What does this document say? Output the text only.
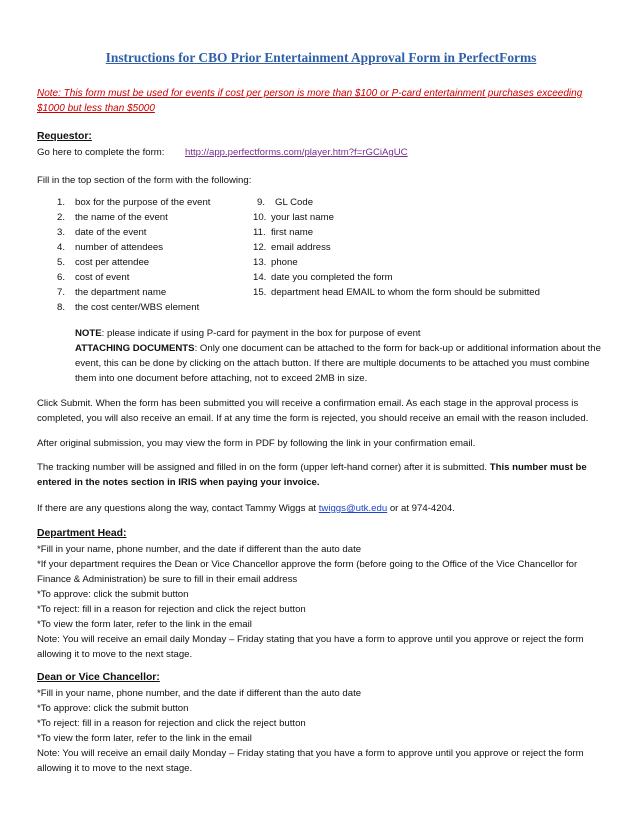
Instructions for CBO Prior Entertainment Approval Form in PerfectForms
Note: This form must be used for events if cost per person is more than $100 or P-card entertainment purchases exceeding $1000 but less than $5000
Requestor:
Go here to complete the form: http://app.perfectforms.com/player.htm?f=rGCiAgUC
Fill in the top section of the form with the following:
1. box for the purpose of the event
2. the name of the event
3. date of the event
4. number of attendees
5. cost per attendee
6. cost of event
7. the department name
8. the cost center/WBS element
9. GL Code
10. your last name
11. first name
12. email address
13. phone
14. date you completed the form
15. department head EMAIL to whom the form should be submitted
NOTE: please indicate if using P-card for payment in the box for purpose of event
ATTACHING DOCUMENTS: Only one document can be attached to the form for back-up or additional information about the event, this can be done by clicking on the attach button. If there are multiple documents to be attached you must combine them into one document before attaching, not to exceed 2MB in size.
Click Submit. When the form has been submitted you will receive a confirmation email. As each stage in the approval process is completed, you will also receive an email. If at any time the form is rejected, you should receive an email with the reason included.
After original submission, you may view the form in PDF by following the link in your confirmation email.
The tracking number will be assigned and filled in on the form (upper left-hand corner) after it is submitted. This number must be entered in the notes section in IRIS when paying your invoice.
If there are any questions along the way, contact Tammy Wiggs at twiggs@utk.edu or at 974-4204.
Department Head:

*Fill in your name, phone number, and the date if different than the auto date

*If your department requires the Dean or Vice Chancellor approve the form (before going to the Office of the Vice Chancellor for Finance & Administration) be sure to fill in their email address

*To approve: click the submit button

*To reject: fill in a reason for rejection and click the reject button

*To view the form later, refer to the link in the email

Note: You will receive an email daily Monday – Friday stating that you have a form to approve until you approve or reject the form allowing it to move to the next stage.

Dean or Vice Chancellor:

*Fill in your name, phone number, and the date if different than the auto date

*To approve: click the submit button

*To reject: fill in a reason for rejection and click the reject button

*To view the form later, refer to the link in the email

Note: You will receive an email daily Monday – Friday stating that you have a form to approve until you approve or reject the form allowing it to move to the next stage.
